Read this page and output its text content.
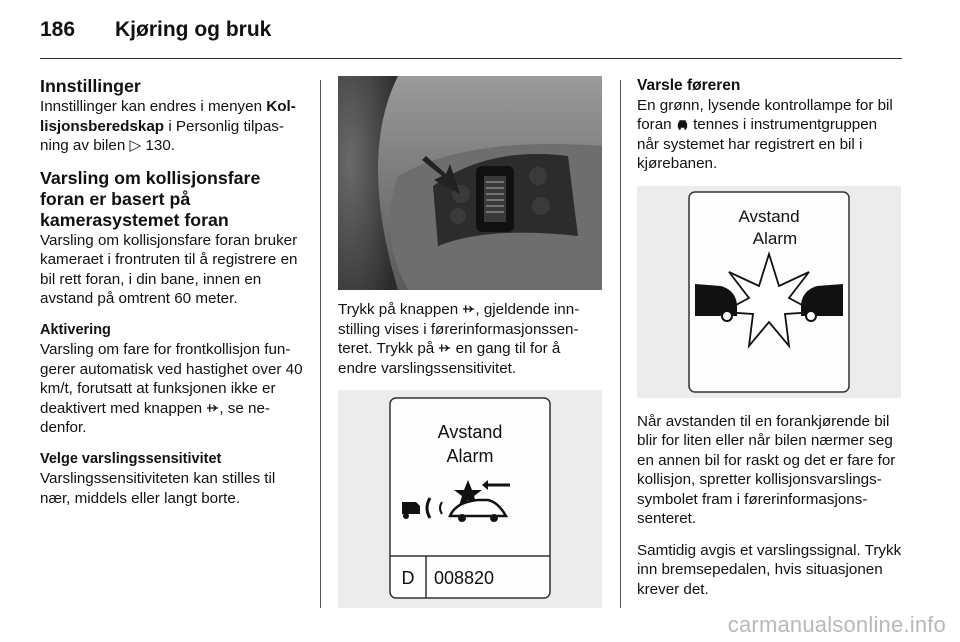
186 Kjøring og bruk
Innstillinger

Innstillinger kan endres i menyen Kollisjonsberedskap i Personlig tilpasning av bilen ▷ 130.

Varsling om kollisjonsfare foran er basert på kamerasystemet foran

Varsling om kollisjonsfare foran bruker kameraet i frontruten til å registrere en bil rett foran, i din bane, innen en avstand på omtrent 60 meter.

Aktivering

Varsling om fare for frontkollisjon fungerer automatisk ved hastighet over 40 km/t, forutsatt at funksjonen ikke er deaktivert med knappen , se nedenfor.

Velge varslingssensitivitet

Varslingssensitiviteten kan stilles til nær, middels eller langt borte.

Trykk på knappen , gjeldende innstilling vises i førerinformasjonssenteret. Trykk på  en gang til for å endre varslingssensitivitet.

Avstand
Alarm
D 008820
Varsle føreren

En grønn, lysende kontrollampe for bil foran  tennes i instrumentgruppen når systemet har registrert en bil i kjørebanen.

Avstand
Alarm

Når avstanden til en forankjørende bil blir for liten eller når bilen nærmer seg en annen bil for raskt og det er fare for kollisjon, spretter kollisjonsvarslingssymbolet fram i førerinformasjonssenteret.

Samtidig avgis et varslingssignal. Trykk inn bremsepedalen, hvis situasjonen krever det.

carmanualsonline.info
